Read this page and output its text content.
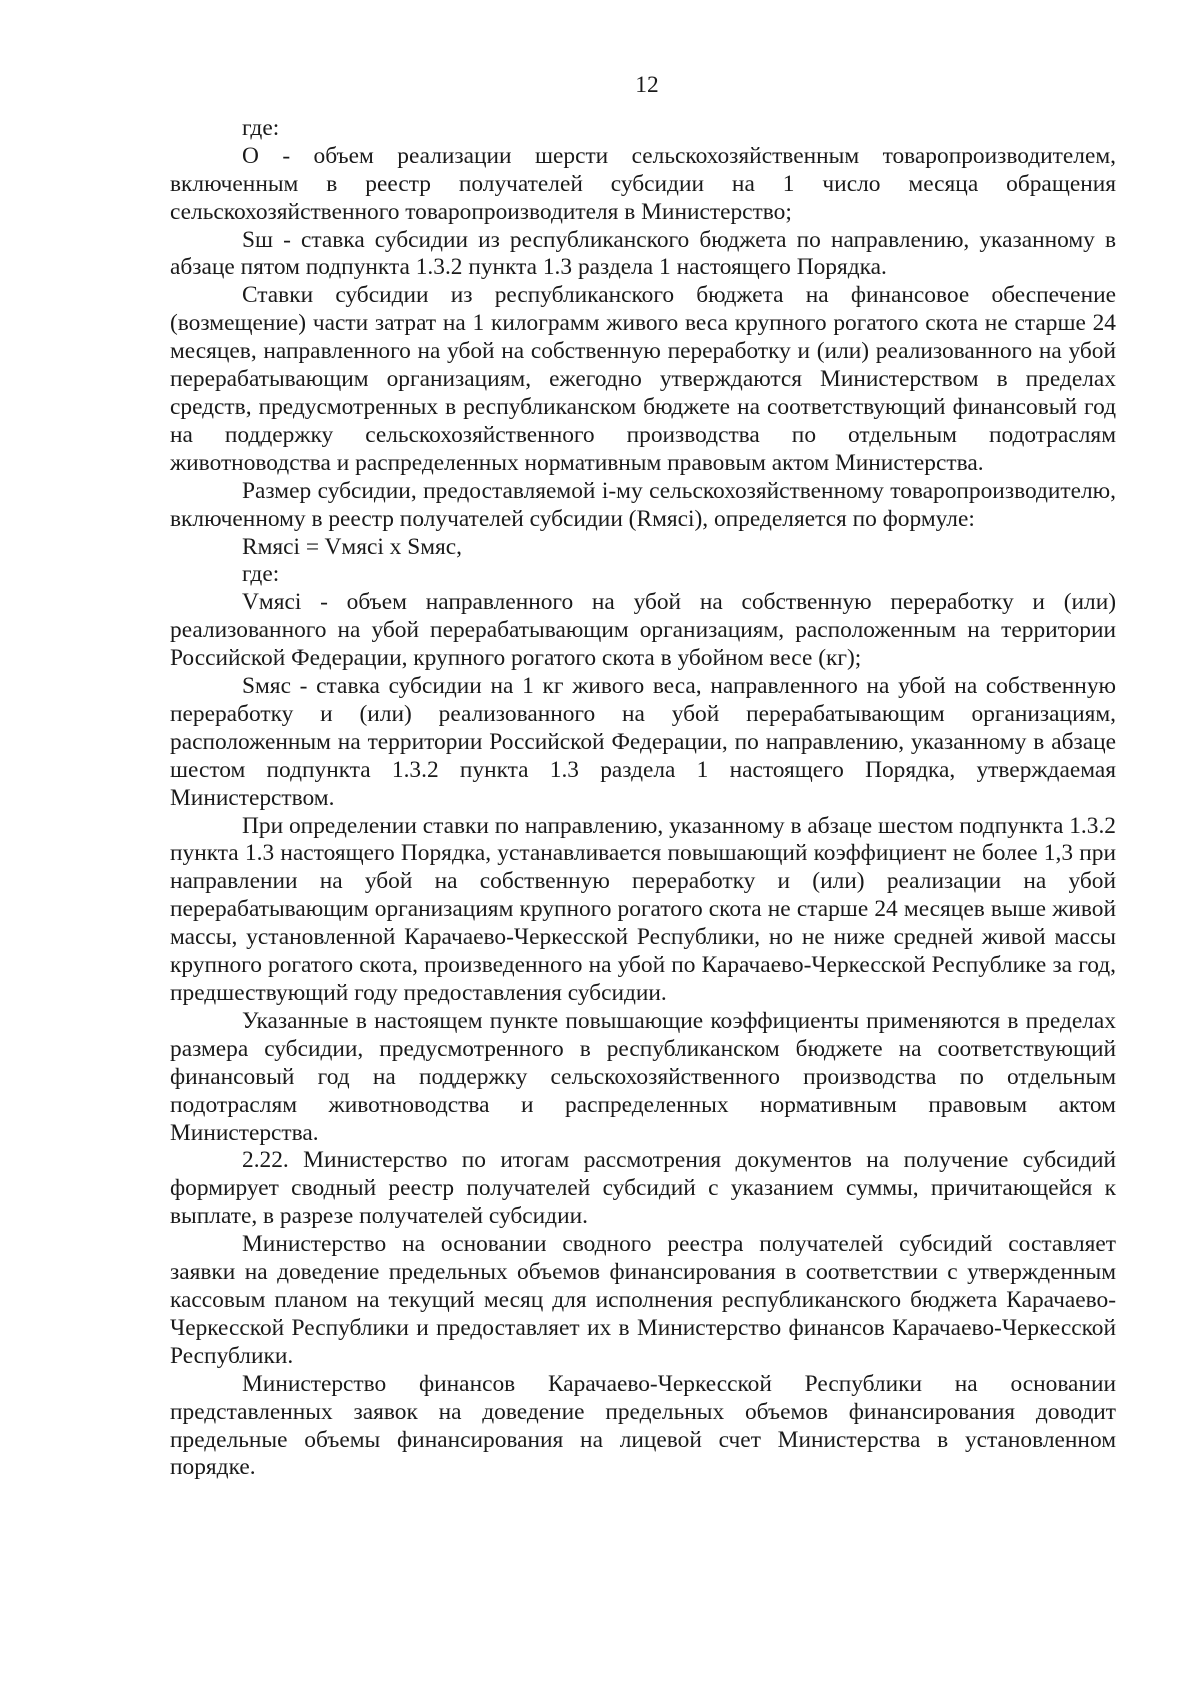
12

где:

О - объем реализации шерсти сельскохозяйственным товаропроизводителем, включенным в реестр получателей субсидии на 1 число месяца обращения сельскохозяйственного товаропроизводителя в Министерство;

Sш - ставка субсидии из республиканского бюджета по направлению, указанному в абзаце пятом подпункта 1.3.2 пункта 1.3 раздела 1 настоящего Порядка.

Ставки субсидии из республиканского бюджета на финансовое обеспечение (возмещение) части затрат на 1 килограмм живого веса крупного рогатого скота не старше 24 месяцев, направленного на убой на собственную переработку и (или) реализованного на убой перерабатывающим организациям, ежегодно утверждаются Министерством в пределах средств, предусмотренных в республиканском бюджете на соответствующий финансовый год на поддержку сельскохозяйственного производства по отдельным подотраслям животноводства и распределенных нормативным правовым актом Министерства.

Размер субсидии, предоставляемой i-му сельскохозяйственному товаропроизводителю, включенному в реестр получателей субсидии (Rмясi), определяется по формуле:

Rмясi = Vмясi x Sмяс,

где:

Vмясi - объем направленного на убой на собственную переработку и (или) реализованного на убой перерабатывающим организациям, расположенным на территории Российской Федерации, крупного рогатого скота в убойном весе (кг);

Sмяс - ставка субсидии на 1 кг живого веса, направленного на убой на собственную переработку и (или) реализованного на убой перерабатывающим организациям, расположенным на территории Российской Федерации, по направлению, указанному в абзаце шестом подпункта 1.3.2 пункта 1.3 раздела 1 настоящего Порядка, утверждаемая Министерством.

При определении ставки по направлению, указанному в абзаце шестом подпункта 1.3.2 пункта 1.3 настоящего Порядка, устанавливается повышающий коэффициент не более 1,3 при направлении на убой на собственную переработку и (или) реализации на убой перерабатывающим организациям крупного рогатого скота не старше 24 месяцев выше живой массы, установленной Карачаево-Черкесской Республики, но не ниже средней живой массы крупного рогатого скота, произведенного на убой по Карачаево-Черкесской Республике за год, предшествующий году предоставления субсидии.

Указанные в настоящем пункте повышающие коэффициенты применяются в пределах размера субсидии, предусмотренного в республиканском бюджете на соответствующий финансовый год на поддержку сельскохозяйственного производства по отдельным подотраслям животноводства и распределенных нормативным правовым актом Министерства.

2.22. Министерство по итогам рассмотрения документов на получение субсидий формирует сводный реестр получателей субсидий с указанием суммы, причитающейся к выплате, в разрезе получателей субсидии.

Министерство на основании сводного реестра получателей субсидий составляет заявки на доведение предельных объемов финансирования в соответствии с утвержденным кассовым планом на текущий месяц для исполнения республиканского бюджета Карачаево-Черкесской Республики и предоставляет их в Министерство финансов Карачаево-Черкесской Республики.

Министерство финансов Карачаево-Черкесской Республики на основании представленных заявок на доведение предельных объемов финансирования доводит предельные объемы финансирования на лицевой счет Министерства в установленном порядке.
